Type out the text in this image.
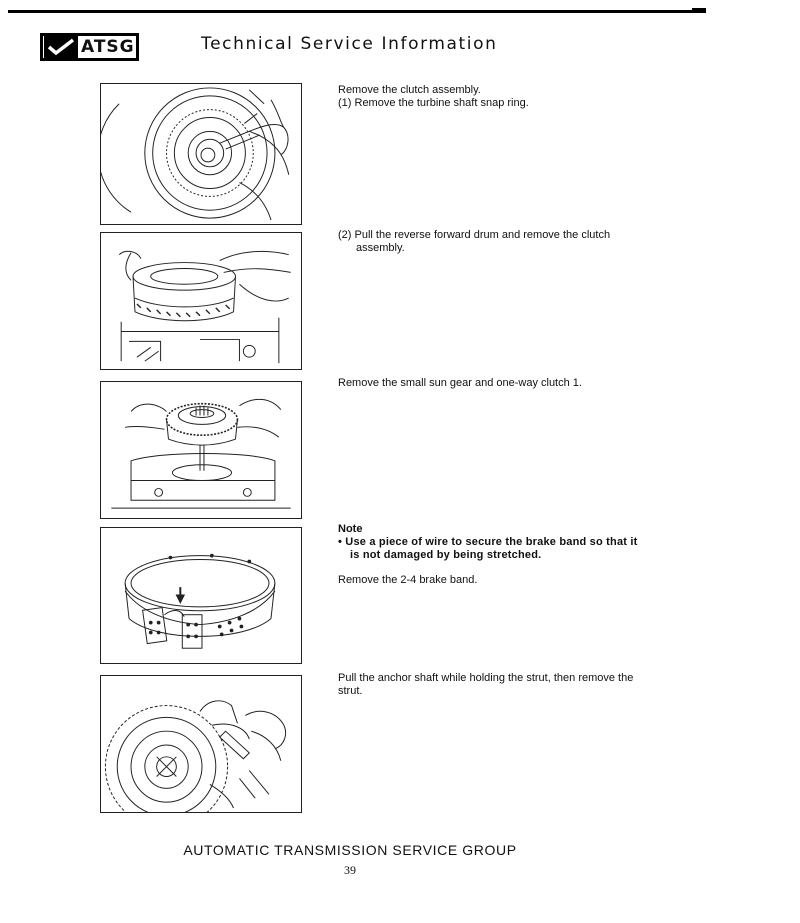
ATSG	Technical Service Information

Remove the clutch assembly.

(1) Remove the turbine shaft snap ring.

(2) Pull the reverse forward drum and remove the clutch assembly.

Remove the small sun gear and one-way clutch 1.

Note

• Use a piece of wire to secure the brake band so that it is not damaged by being stretched.

Remove the 2-4 brake band.

Pull the anchor shaft while holding the strut, then remove the strut.

AUTOMATIC TRANSMISSION SERVICE GROUP
39
